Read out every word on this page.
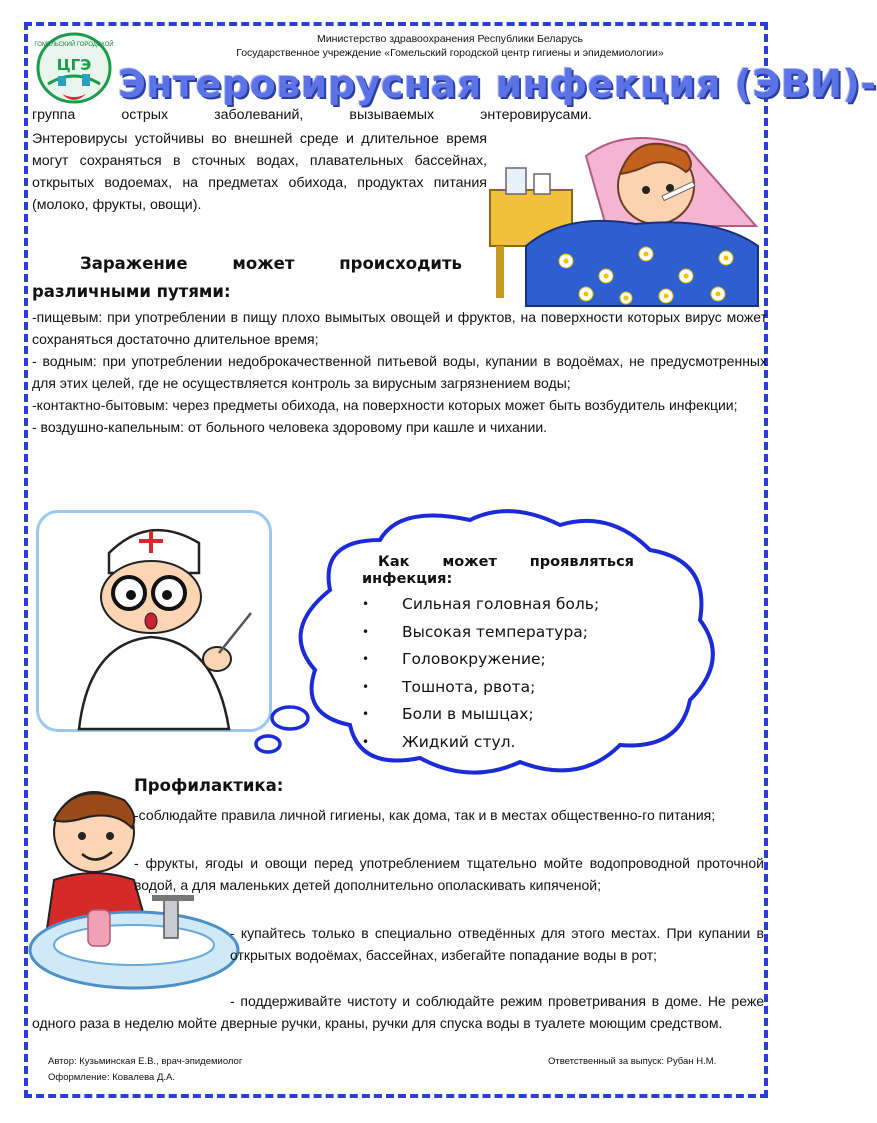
ГОМЕЛЬСКИЙ ГОРОДСКОЙ
ЦГЭ
Министерство здравоохранения Республики Беларусь
Государственное учреждение «Гомельский городской центр гигиены и эпидемиологии»
Энтеровирусная инфекция (ЭВИ)-
группа острых заболеваний, вызываемых энтеровирусами.
Энтеровирусы устойчивы во внешней среде и длительное время могут сохраняться в сточных водах, плавательных бассейнах, открытых водоемах, на предметах обихода, продуктах питания (молоко, фрукты, овощи).
Заражение может происходить различными путями:

-пищевым: при употреблении в пищу плохо вымытых овощей и фруктов, на поверхности которых вирус может сохраняться достаточно длительное время;

- водным: при употреблении недоброкачественной питьевой воды, купании в водоёмах, не предусмотренных для этих целей, где не осуществляется контроль за вирусным загрязнением воды;

-контактно-бытовым: через предметы обихода, на поверхности которых может быть возбудитель инфекции;

- воздушно-капельным: от больного человека здоровому при кашле и чихании.

Как может проявляться инфекция:
•	Сильная головная боль;
•	Высокая температура;
•	Головокружение;
•	Тошнота, рвота;
•	Боли в мышцах;
•	Жидкий стул.
Профилактика:
-соблюдайте правила личной гигиены, как дома, так и в местах общественно-го питания;
- фрукты, ягоды и овощи перед употреблением тщательно мойте водопроводной проточной водой, а для маленьких детей дополнительно ополаскивать кипяченой;
- купайтесь только в специально отведённых для этого местах. При купании в открытых водоёмах, бассейнах, избегайте попадание воды в рот;
- поддерживайте чистоту и соблюдайте режим проветривания в доме. Не реже одного раза в неделю мойте дверные ручки, краны, ручки для спуска воды в туалете моющим средством.
Автор: Кузьминская Е.В., врач-эпидемиолог
Оформление: Ковалева Д.А.
Ответственный за выпуск: Рубан Н.М.
